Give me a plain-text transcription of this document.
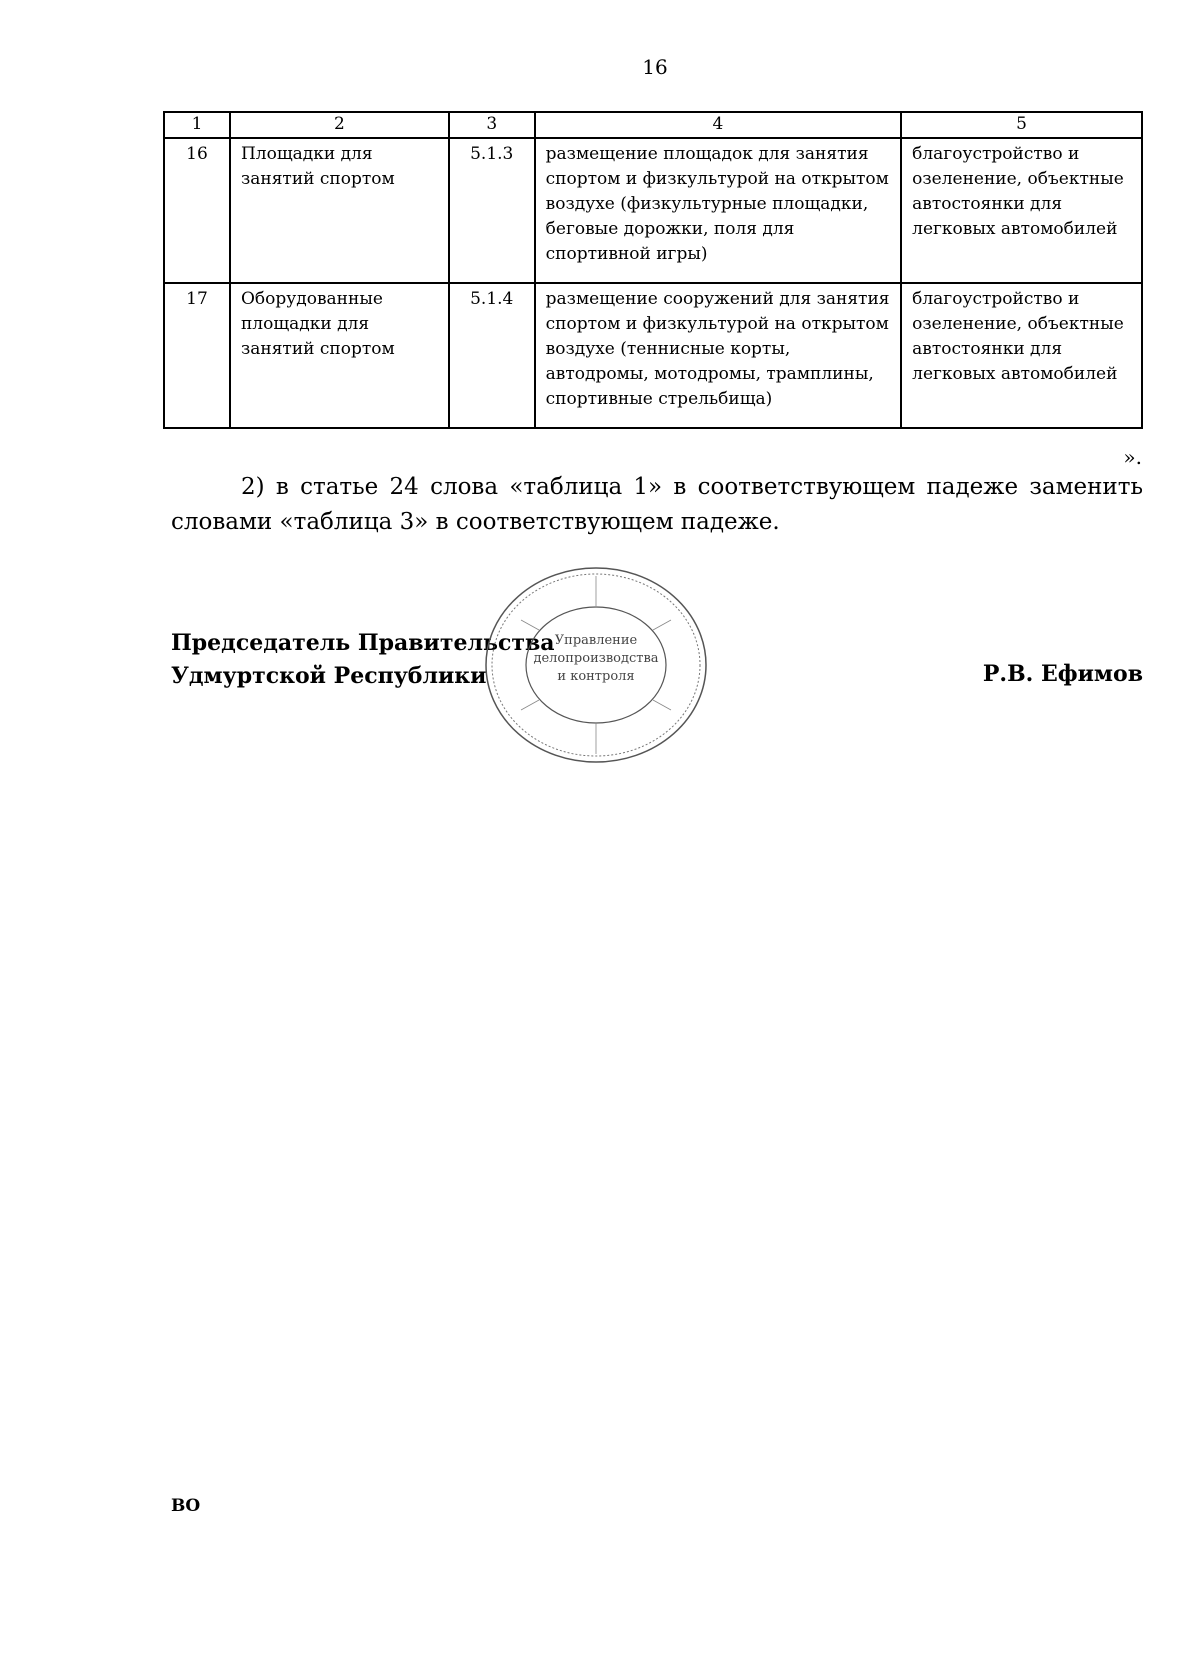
16
1	2	3	4	5
16	Площадки для занятий спортом	5.1.3	размещение площадок для занятия спортом и физкультурой на открытом воздухе (физкультурные площадки, беговые дорожки, поля для спортивной игры)	благоустройство и озеленение, объектные автостоянки для легковых автомобилей
17	Оборудованные площадки для занятий спортом	5.1.4	размещение сооружений для занятия спортом и физкультурой на открытом воздухе (теннисные корты, автодромы, мотодромы, трамплины, спортивные стрельбища)	благоустройство и озеленение, объектные автостоянки для легковых автомобилей
».
2) в статье 24 слова «таблица 1» в соответствующем падеже заменить словами «таблица 3» в соответствующем падеже.
Председатель Правительства
Удмуртской Республики
Управление
делопроизводства
и контроля	Р.В. Ефимов
ВО
